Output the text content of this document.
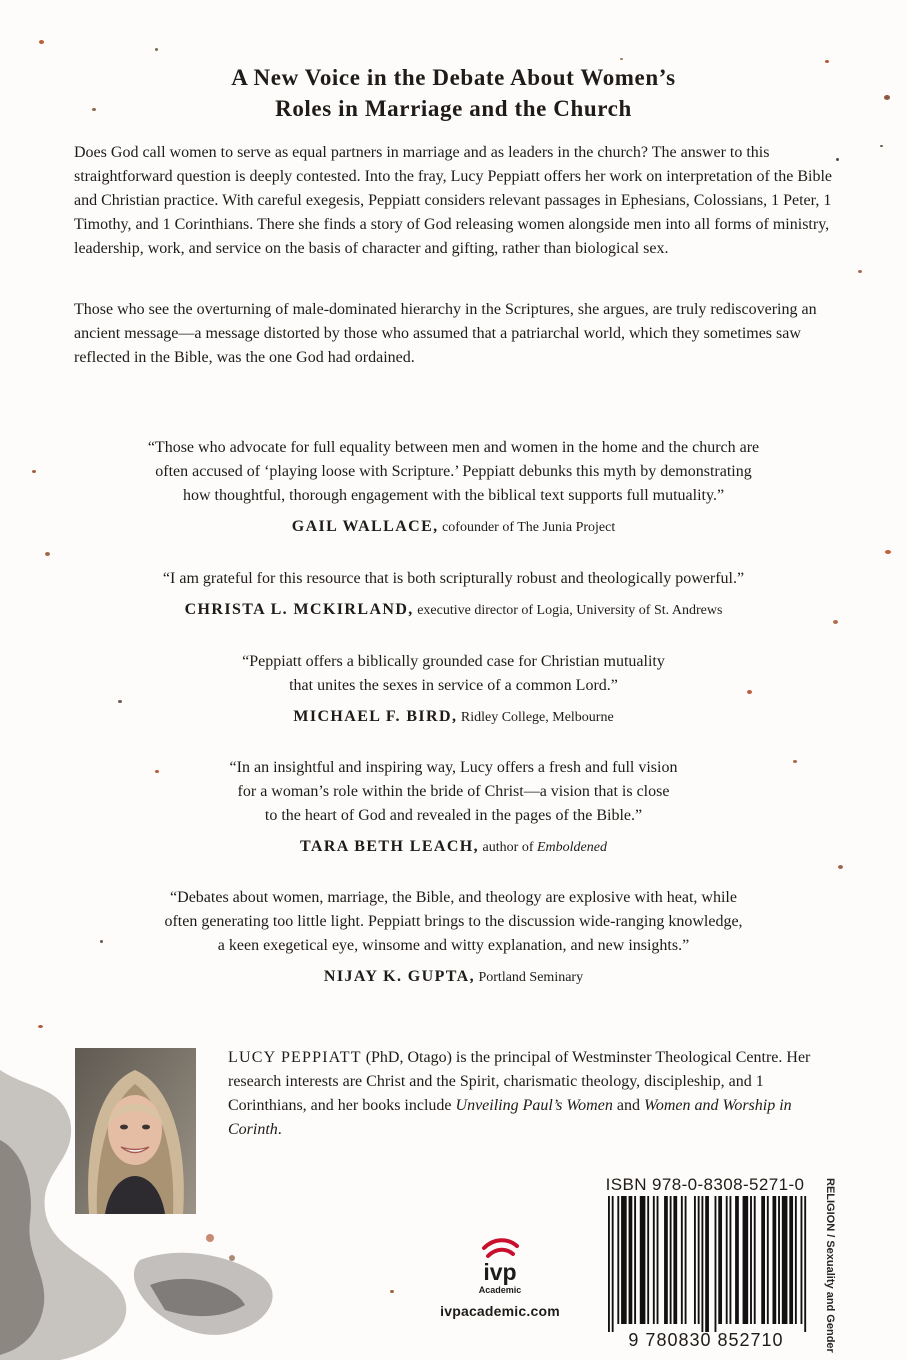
A New Voice in the Debate About Women’s
Roles in Marriage and the Church

Does God call women to serve as equal partners in marriage and as leaders in the church? The answer to this straightforward question is deeply contested. Into the fray, Lucy Peppiatt offers her work on interpretation of the Bible and Christian practice. With careful exegesis, Peppiatt considers relevant passages in Ephesians, Colossians, 1 Peter, 1 Timothy, and 1 Corinthians. There she finds a story of God releasing women alongside men into all forms of ministry, leadership, work, and service on the basis of character and gifting, rather than biological sex.

Those who see the overturning of male-dominated hierarchy in the Scriptures, she argues, are truly rediscovering an ancient message—a message distorted by those who assumed that a patriarchal world, which they sometimes saw reflected in the Bible, was the one God had ordained.

“Those who advocate for full equality between men and women in the home and the church are

often accused of ‘playing loose with Scripture.’ Peppiatt debunks this myth by demonstrating

how thoughtful, thorough engagement with the biblical text supports full mutuality.”

GAIL WALLACE, cofounder of The Junia Project

“I am grateful for this resource that is both scripturally robust and theologically powerful.”

CHRISTA L. MCKIRLAND, executive director of Logia, University of St. Andrews

“Peppiatt offers a biblically grounded case for Christian mutuality

that unites the sexes in service of a common Lord.”

MICHAEL F. BIRD, Ridley College, Melbourne

“In an insightful and inspiring way, Lucy offers a fresh and full vision

for a woman’s role within the bride of Christ—a vision that is close

to the heart of God and revealed in the pages of the Bible.”

TARA BETH LEACH, author of Emboldened

“Debates about women, marriage, the Bible, and theology are explosive with heat, while

often generating too little light. Peppiatt brings to the discussion wide-ranging knowledge,

a keen exegetical eye, winsome and witty explanation, and new insights.”

NIJAY K. GUPTA, Portland Seminary

LUCY PEPPIATT (PhD, Otago) is the principal of Westminster Theological Centre. Her research interests are Christ and the Spirit, charismatic theology, discipleship, and 1 Corinthians, and her books include Unveiling Paul’s Women and Women and Worship in Corinth.

ivp
Academic
ivpacademic.com
ISBN 978-0-8308-5271-0
9 780830 852710	RELIGION / Sexuality and Gender
